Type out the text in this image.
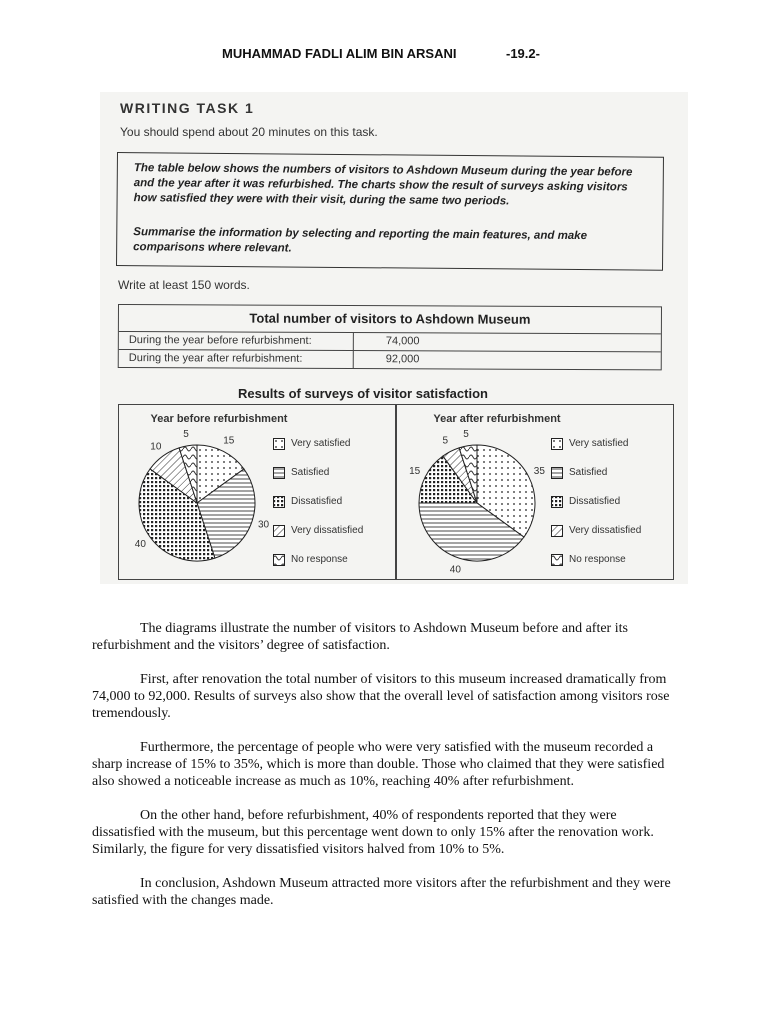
MUHAMMAD FADLI ALIM BIN ARSANI	-19.2-
WRITING TASK 1
You should spend about 20 minutes on this task.

The table below shows the numbers of visitors to Ashdown Museum during the year before and the year after it was refurbished. The charts show the result of surveys asking visitors how satisfied they were with their visit, during the same two periods.

Summarise the information by selecting and reporting the main features, and make comparisons where relevant.

Write at least 150 words.
Total number of visitors to Ashdown Museum
During the year before refurbishment:	74,000
During the year after refurbishment:	92,000
Results of surveys of visitor satisfaction
Year before refurbishment
15
30
40
10
5
Very satisfied
Satisfied
Dissatisfied
Very dissatisfied
No response
Year after refurbishment
35
40
15
5
5
Very satisfied
Satisfied
Dissatisfied
Very dissatisfied
No response

The diagrams illustrate the number of visitors to Ashdown Museum before and after its refurbishment and the visitors’ degree of satisfaction.

First, after renovation the total number of visitors to this museum increased dramatically from 74,000 to 92,000. Results of surveys also show that the overall level of satisfaction among visitors rose tremendously.

Furthermore, the percentage of people who were very satisfied with the museum recorded a sharp increase of 15% to 35%, which is more than double. Those who claimed that they were satisfied also showed a noticeable increase as much as 10%, reaching 40% after refurbishment.

On the other hand, before refurbishment, 40% of respondents reported that they were dissatisfied with the museum, but this percentage went down to only 15% after the renovation work. Similarly, the figure for very dissatisfied visitors halved from 10% to 5%.

In conclusion, Ashdown Museum attracted more visitors after the refurbishment and they were satisfied with the changes made.
